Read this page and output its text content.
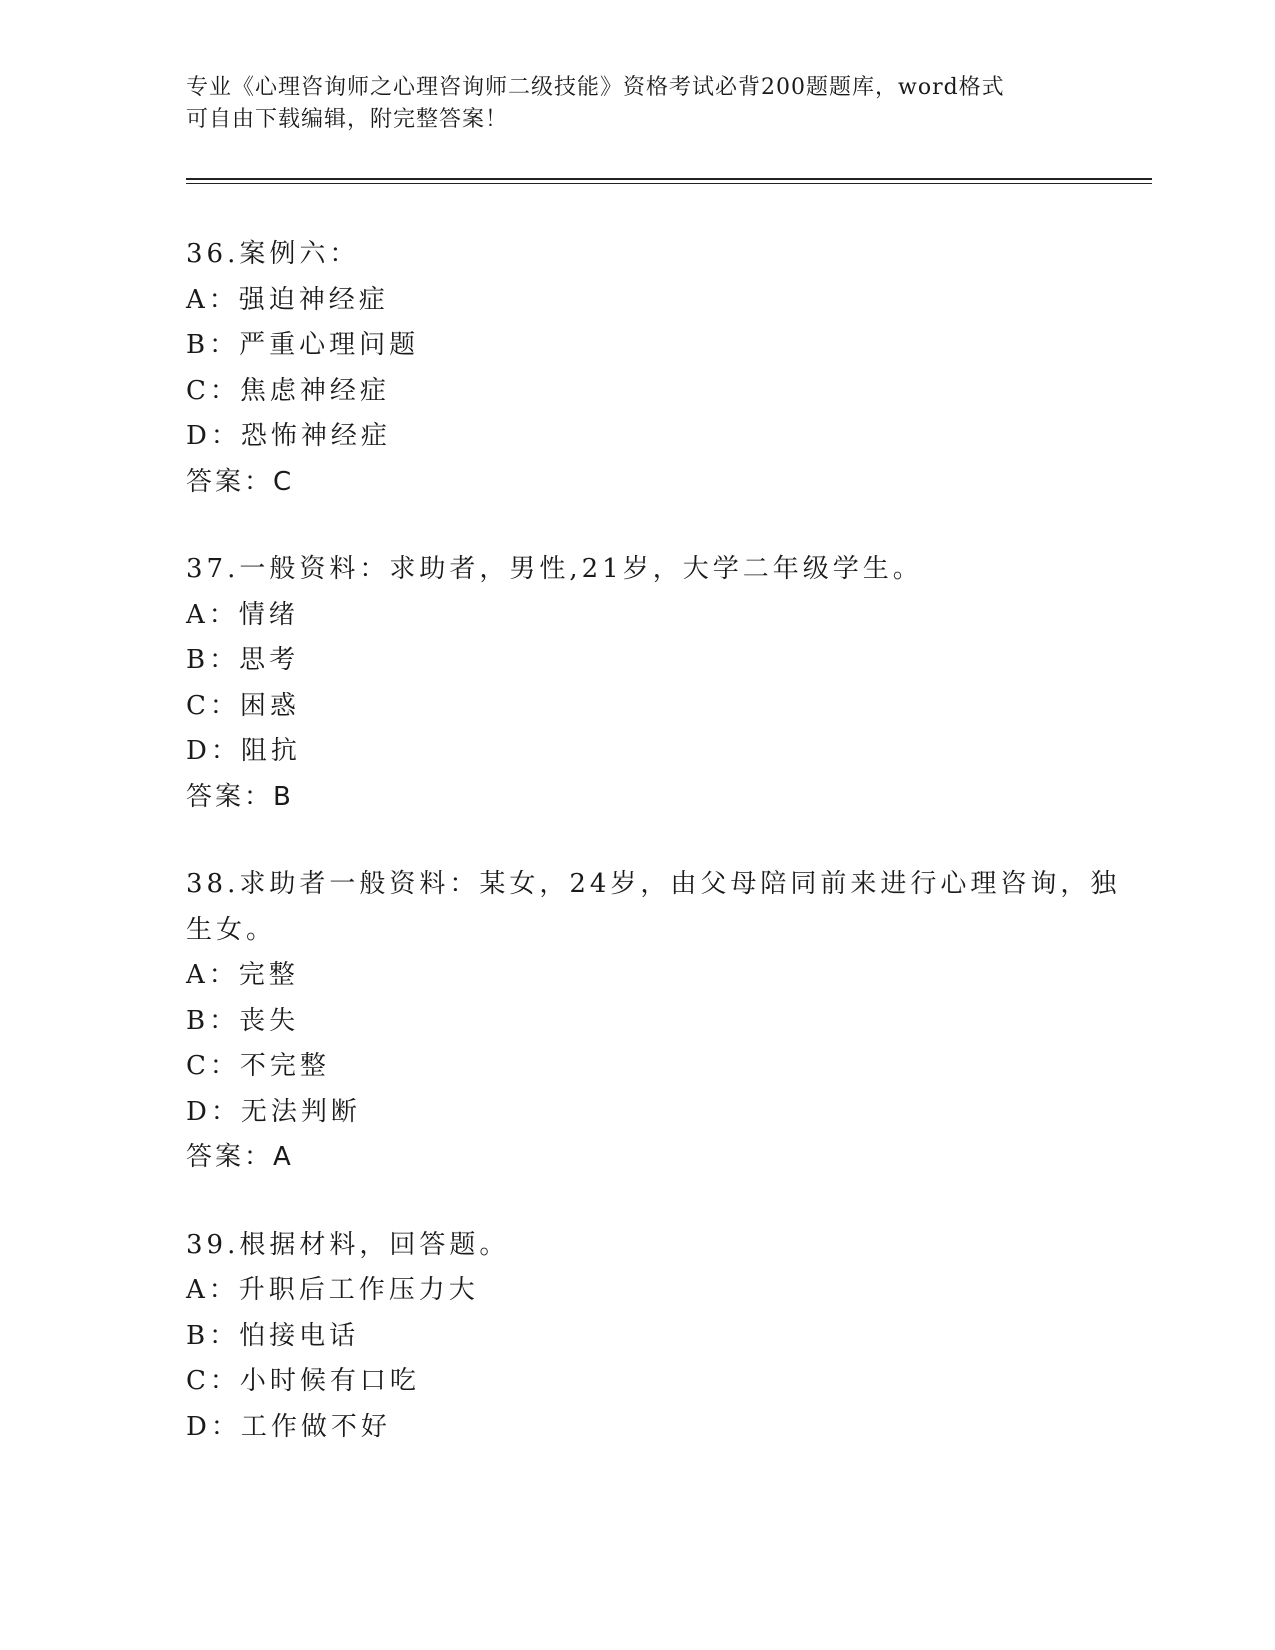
专业《心理咨询师之心理咨询师二级技能》资格考试必背200题题库，word格式
可自由下载编辑，附完整答案！
36.案例六：
A：强迫神经症
B：严重心理问题
C：焦虑神经症
D：恐怖神经症
答案：C
37.一般资料：求助者，男性,21岁，大学二年级学生。
A：情绪
B：思考
C：困惑
D：阻抗
答案：B
38.求助者一般资料：某女，24岁，由父母陪同前来进行心理咨询，独
生女。
A：完整
B：丧失
C：不完整
D：无法判断
答案：A
39.根据材料，回答题。
A：升职后工作压力大
B：怕接电话
C：小时候有口吃
D：工作做不好
